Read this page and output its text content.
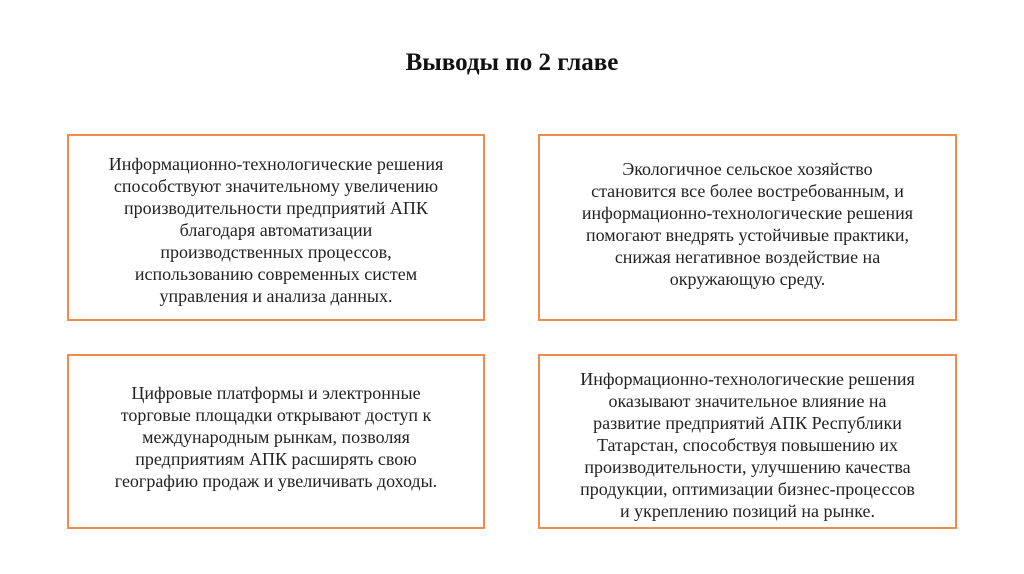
Выводы по 2 главе
Информационно-технологические решения
способствуют значительному увеличению
производительности предприятий АПК
благодаря автоматизации
производственных процессов,
использованию современных систем
управления и анализа данных.
Экологичное сельское хозяйство
становится все более востребованным, и
информационно-технологические решения
помогают внедрять устойчивые практики,
снижая негативное воздействие на
окружающую среду.
Цифровые платформы и электронные
торговые площадки открывают доступ к
международным рынкам, позволяя
предприятиям АПК расширять свою
географию продаж и увеличивать доходы.
Информационно-технологические решения
оказывают значительное влияние на
развитие предприятий АПК Республики
Татарстан, способствуя повышению их
производительности, улучшению качества
продукции, оптимизации бизнес-процессов
и укреплению позиций на рынке.
